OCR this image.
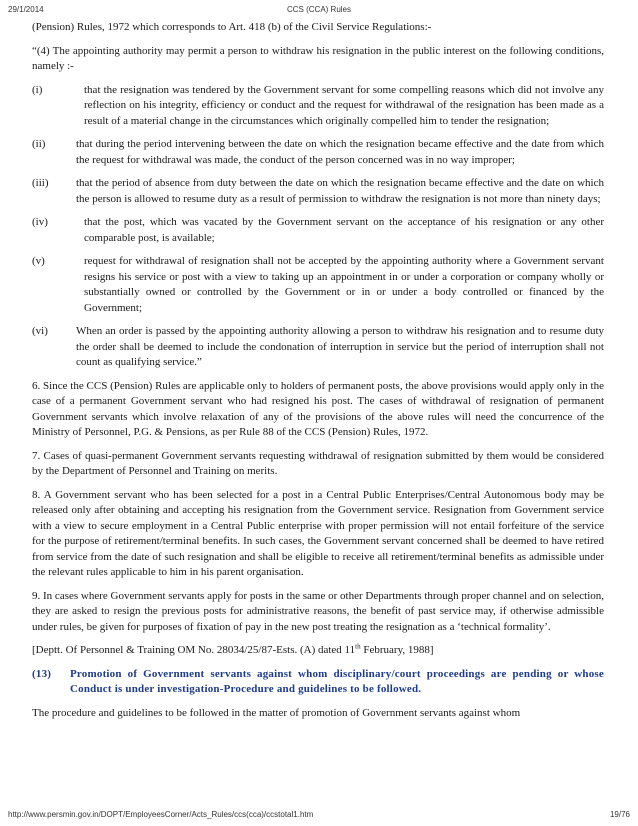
29/1/2014	CCS (CCA) Rules

(Pension) Rules, 1972 which corresponds to Art. 418 (b) of the Civil Service Regulations:-

“(4) The appointing authority may permit a person to withdraw his resignation in the public interest on the following conditions, namely :-

(i)	that the resignation was tendered by the Government servant for some compelling reasons which did not involve any reflection on his integrity, efficiency or conduct and the request for withdrawal of the resignation has been made as a result of a material change in the circumstances which originally compelled him to tender the resignation;
(ii)	that during the period intervening between the date on which the resignation became effective and the date from which the request for withdrawal was made, the conduct of the person concerned was in no way improper;
(iii)	that the period of absence from duty between the date on which the resignation became effective and the date on which the person is allowed to resume duty as a result of permission to withdraw the resignation is not more than ninety days;
(iv)	that the post, which was vacated by the Government servant on the acceptance of his resignation or any other comparable post, is available;
(v)	request for withdrawal of resignation shall not be accepted by the appointing authority where a Government servant resigns his service or post with a view to taking up an appointment in or under a corporation or company wholly or substantially owned or controlled by the Government or in or under a body controlled or financed by the Government;
(vi)	When an order is passed by the appointing authority allowing a person to withdraw his resignation and to resume duty the order shall be deemed to include the condonation of interruption in service but the period of interruption shall not count as qualifying service.”

6. Since the CCS (Pension) Rules are applicable only to holders of permanent posts, the above provisions would apply only in the case of a permanent Government servant who had resigned his post. The cases of withdrawal of resignation of permanent Government servants which involve relaxation of any of the provisions of the above rules will need the concurrence of the Ministry of Personnel, P.G. & Pensions, as per Rule 88 of the CCS (Pension) Rules, 1972.

7. Cases of quasi-permanent Government servants requesting withdrawal of resignation submitted by them would be considered by the Department of Personnel and Training on merits.

8. A Government servant who has been selected for a post in a Central Public Enterprises/Central Autonomous body may be released only after obtaining and accepting his resignation from the Government service. Resignation from Government service with a view to secure employment in a Central Public enterprise with proper permission will not entail forfeiture of the service for the purpose of retirement/terminal benefits. In such cases, the Government servant concerned shall be deemed to have retired from service from the date of such resignation and shall be eligible to receive all retirement/terminal benefits as admissible under the relevant rules applicable to him in his parent organisation.

9. In cases where Government servants apply for posts in the same or other Departments through proper channel and on selection, they are asked to resign the previous posts for administrative reasons, the benefit of past service may, if otherwise admissible under rules, be given for purposes of fixation of pay in the new post treating the resignation as a ‘technical formality’.

[Deptt. Of Personnel & Training OM No. 28034/25/87-Ests. (A) dated 11th February, 1988]

(13)	Promotion of Government servants against whom disciplinary/court proceedings are pending or whose Conduct is under investigation-Procedure and guidelines to be followed.

The procedure and guidelines to be followed in the matter of promotion of Government servants against whom

http://www.persmin.gov.in/DOPT/EmployeesCorner/Acts_Rules/ccs(cca)/ccstotal1.htm	19/76
